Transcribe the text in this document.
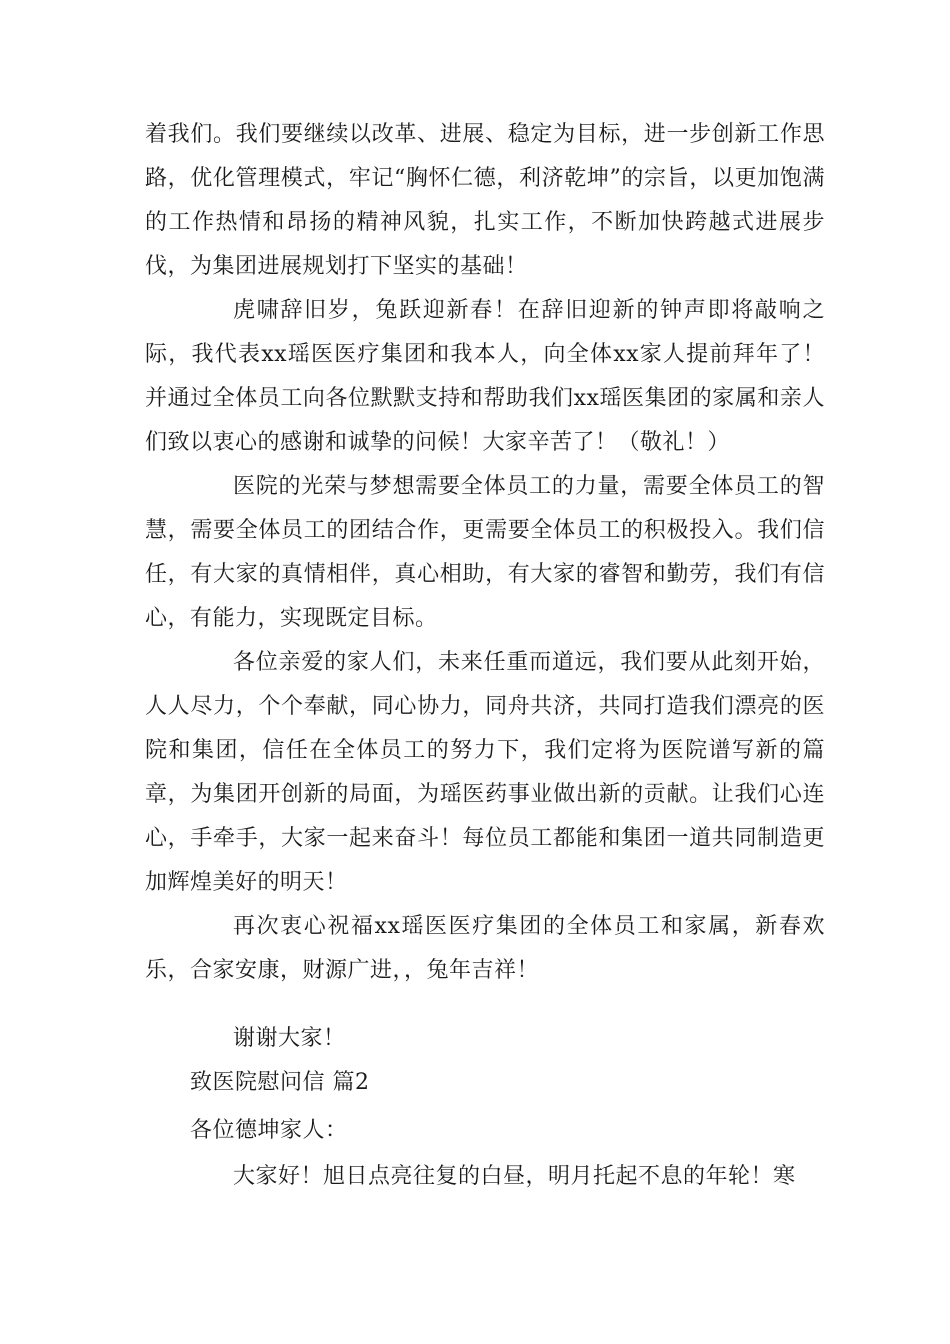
着我们。我们要继续以改革、进展、稳定为目标，进一步创新工作思路，优化管理模式，牢记“胸怀仁德，利济乾坤”的宗旨，以更加饱满的工作热情和昂扬的精神风貌，扎实工作，不断加快跨越式进展步伐，为集团进展规划打下坚实的基础！

虎啸辞旧岁，兔跃迎新春！在辞旧迎新的钟声即将敲响之际，我代表xx瑶医医疗集团和我本人，向全体xx家人提前拜年了！并通过全体员工向各位默默支持和帮助我们xx瑶医集团的家属和亲人们致以衷心的感谢和诚挚的问候！大家辛苦了！（敬礼！）

医院的光荣与梦想需要全体员工的力量，需要全体员工的智慧，需要全体员工的团结合作，更需要全体员工的积极投入。我们信任，有大家的真情相伴，真心相助，有大家的睿智和勤劳，我们有信心，有能力，实现既定目标。

各位亲爱的家人们，未来任重而道远，我们要从此刻开始，人人尽力，个个奉献，同心协力，同舟共济，共同打造我们漂亮的医院和集团，信任在全体员工的努力下，我们定将为医院谱写新的篇章，为集团开创新的局面，为瑶医药事业做出新的贡献。让我们心连心，手牵手，大家一起来奋斗！每位员工都能和集团一道共同制造更加辉煌美好的明天！

再次衷心祝福xx瑶医医疗集团的全体员工和家属，新春欢乐，合家安康，财源广进，，兔年吉祥！

谢谢大家！
致医院慰问信 篇2
各位德坤家人：
大家好！旭日点亮往复的白昼，明月托起不息的年轮！寒
